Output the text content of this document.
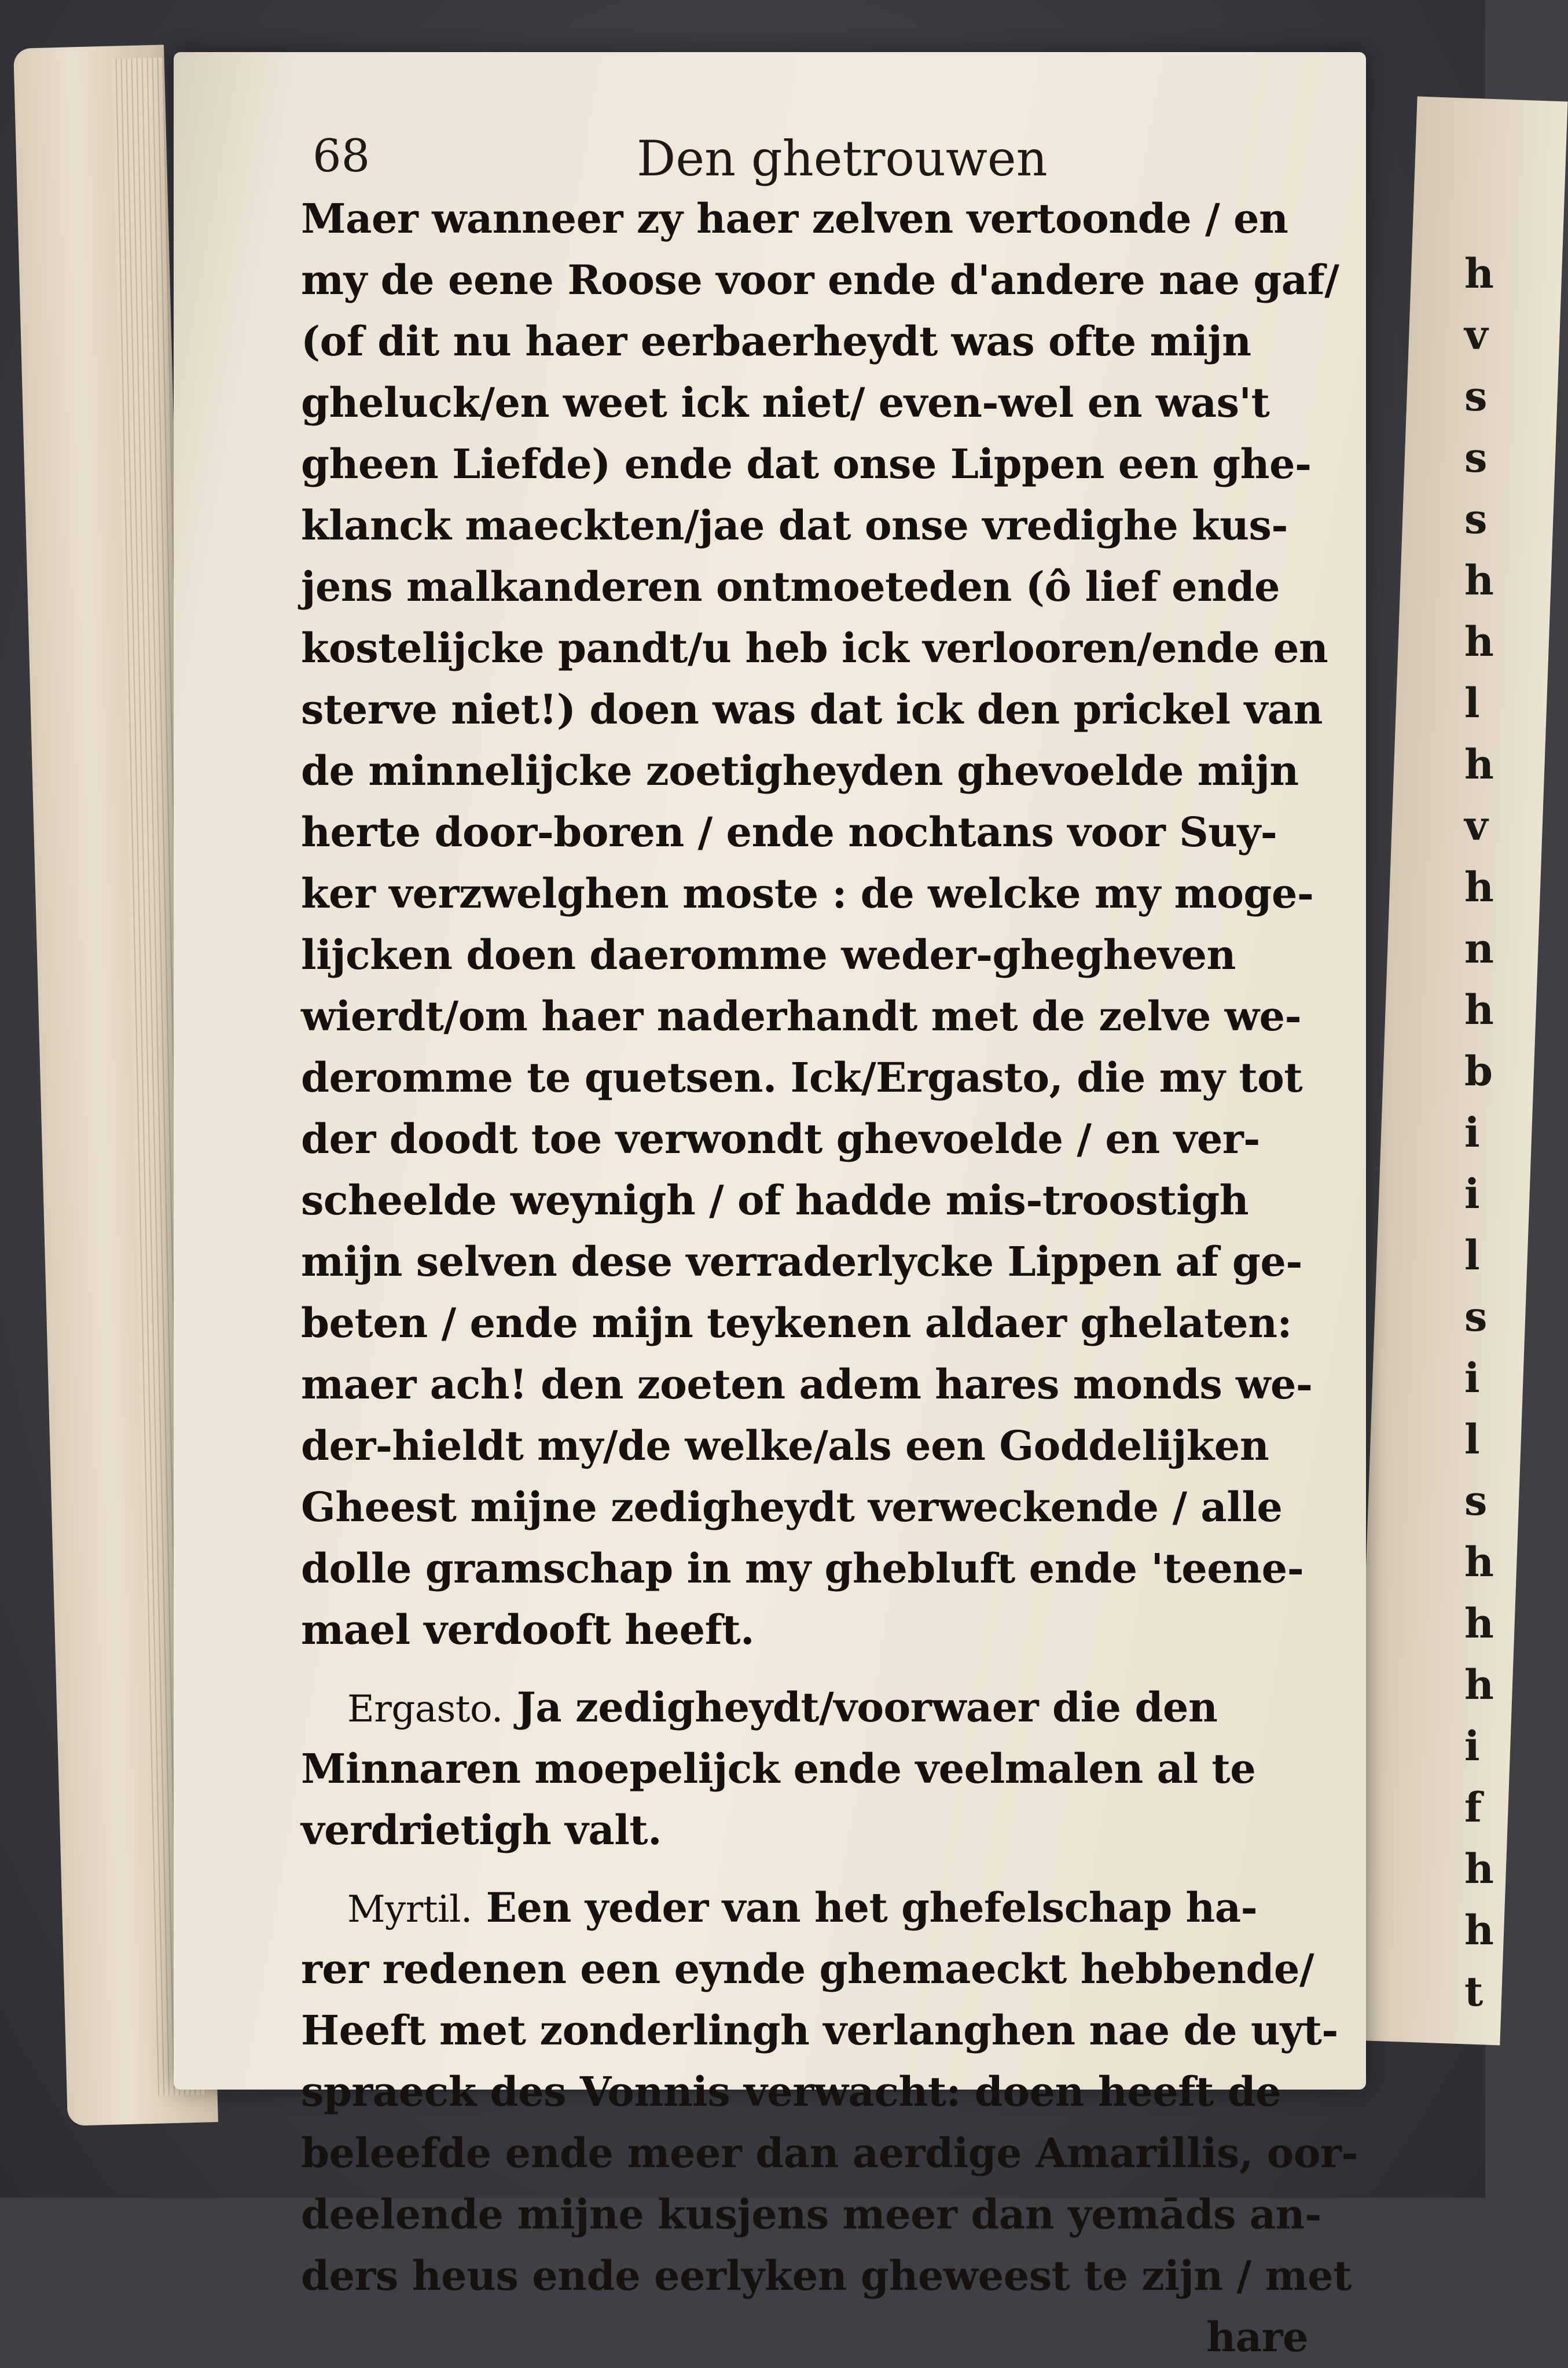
h
v
s
s
s
h
h
l
h
v
h
n
h
b
i
i
l
s
i
l
s
h
h
h
i
f
h
h
t
68	Den ghetrouwen
Maer wanneer zy haer zelven vertoonde / en
my de eene Roose voor ende d'andere nae gaf/
(of dit nu haer eerbaerheydt was ofte mijn
gheluck/en weet ick niet/ even-wel en was't
gheen Liefde) ende dat onse Lippen een ghe-
klanck maeckten/jae dat onse vredighe kus-
jens malkanderen ontmoeteden (ô lief ende
kostelijcke pandt/u heb ick verlooren/ende en
sterve niet!) doen was dat ick den prickel van
de minnelijcke zoetigheyden ghevoelde mijn
herte door-boren / ende nochtans voor Suy-
ker verzwelghen moste : de welcke my moge-
lijcken doen daeromme weder-ghegheven
wierdt/om haer naderhandt met de zelve we-
deromme te quetsen. Ick/Ergasto, die my tot
der doodt toe verwondt ghevoelde / en ver-
scheelde weynigh / of hadde mis-troostigh
mijn selven dese verraderlycke Lippen af ge-
beten / ende mijn teykenen aldaer ghelaten:
maer ach! den zoeten adem hares monds we-
der-hieldt my/de welke/als een Goddelijken
Gheest mijne zedigheydt verweckende / alle
dolle gramschap in my ghebluft ende 'teene-
mael verdooft heeft.
Ergasto. Ja zedigheydt/voorwaer die den
Minnaren moepelijck ende veelmalen al te
verdrietigh valt.
Myrtil. Een yeder van het ghefelschap ha-
rer redenen een eynde ghemaeckt hebbende/
Heeft met zonderlingh verlanghen nae de uyt-
spraeck des Vonnis verwacht: doen heeft de
beleefde ende meer dan aerdige Amarillis, oor-
deelende mijne kusjens meer dan yemāds an-
ders heus ende eerlyken gheweest te zijn / met
hare
